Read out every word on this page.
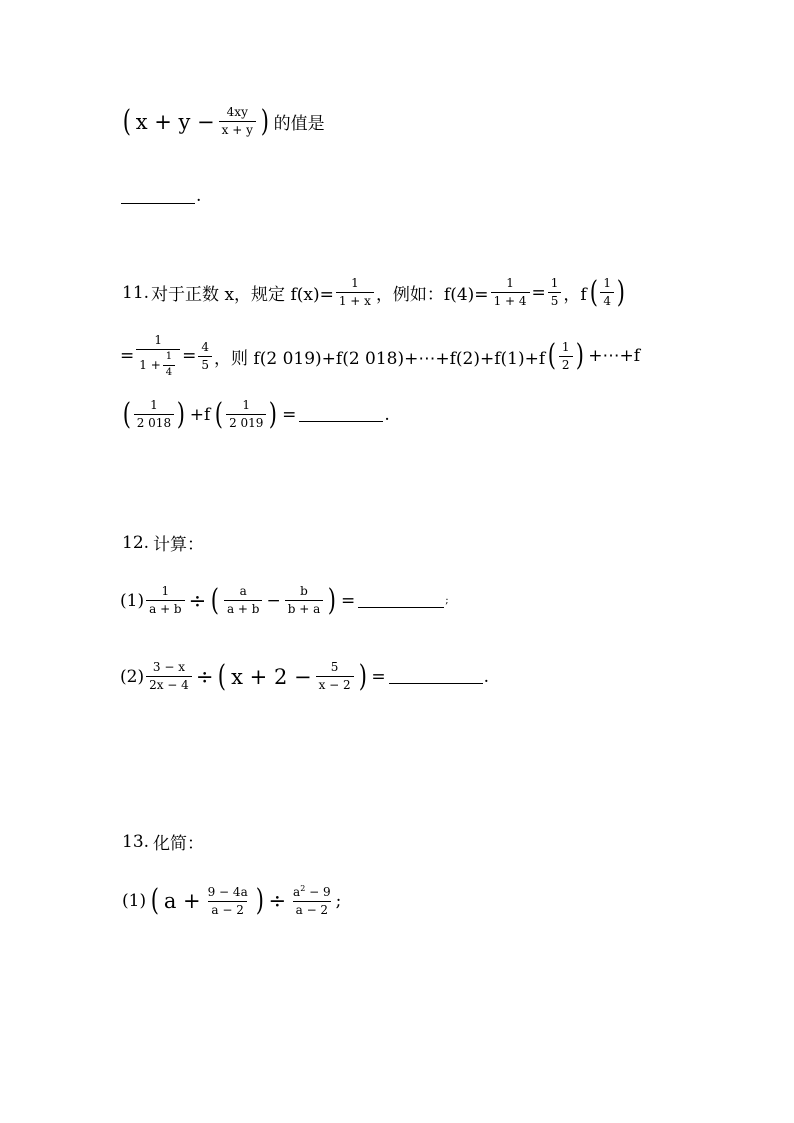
( $x + y - \frac{4xy}{x + y}$ ) 的值是
.
11. 对于正数 x，规定 $f(x)= \frac{1}{1 + x}$ ，例如：$f(4)= \frac{1}{1 + 4} = \frac{1}{5}$ ，f ( $\frac{1}{4}$ )
= $\frac{1}{1 + \frac{1}{4}} = \frac{4}{5}$ ，则 f(2 019)+f(2 018)+⋯+f(2)+f(1)+f ( $\frac{1}{2}$ ) +⋯+f
( $\frac{1}{2 018}$ ) +f ( $\frac{1}{2 019}$ ) =	.
12. 计算：
$(1) \frac{1}{a + b}$ ÷ ( $\frac{a}{a + b} - \frac{b}{b + a}$ ) =	;
$(2) \frac{3 - x}{2x - 4}$ ÷ ( $x + 2 - \frac{5}{x - 2}$ ) =	.
13. 化简：
(1) ( $a + \frac{9 - 4a}{a - 2}$ ) ÷ $\frac{a^2 - 9}{a - 2}$ ;
